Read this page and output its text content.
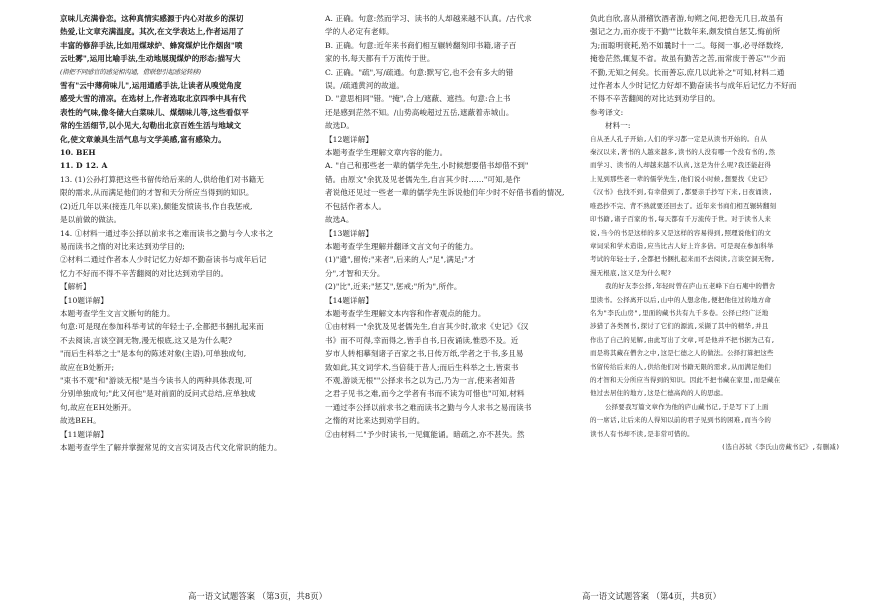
京味儿充满眷恋。这种真情实感源于内心对故乡的深切

热爱,让文章充满温度。其次,在文学表达上,作者运用了

丰富的修辞手法,比如用煤球炉、蜂窝煤炉比作烟囱"喷

云吐雾",运用比喻手法,生动地展现煤炉的形态;描写大

(指把不同感官的感觉相沟通，借联想引起感觉转移)

雪有"云中薄荷味儿",运用通感手法,让读者从嗅觉角度

感受大雪的清凉。在选材上,作者选取北京四季中具有代

表性的气味,像冬储大白菜味儿、煤烟味儿等,这些看似平

常的生活细节,以小见大,勾勒出北京百姓生活与地域文

化,使文章兼具生活气息与文学美感,富有感染力。

10. BEH

11. D 12. A

13. (1)公孙打算把这些书留传给后来的人,供给他们对书籍无

限的需求,从而满足他们的才智和天分所应当得到的知识。

(2)近几年以来(接连几年以来),颇能发愤读书,作自我惩戒,

是以前做的做法。

14. ①材料一通过李公择以前求书之难而读书之勤与今人求书之

易而读书之惰的对比来达到劝学目的;

②材料二通过作者本人少时记忆力好却不勤奋读书与成年后记

忆力不好而不得不辛苦翻阅的对比达到劝学目的。

【解析】

【10题详解】

本题考查学生文言文断句的能力。

句意:可是现在参加科举考试的年轻士子,全都把书捆扎起来而

不去阅读,言谈空洞无物,漫无根底,这又是为什么呢?

"而后生科举之士"是本句的陈述对象(主语),可单独成句,

故应在B处断开;

"束书不观"和"游谈无根"是当今读书人的两种具体表现,可

分别单独成句;"此又何也"是对前面的反问式总结,应单独成

句,故应在EH处断开。

故选BEH。

【11题详解】

本题考查学生了解并掌握常见的文言实词及古代文化常识的能力。

A. 正确。句意:然而学习、读书的人却越来越不认真。/古代求

学的人必定有老师。

B. 正确。句意:近年来书商们相互辗转翻刻印书籍,诸子百

家的书,每天都有千万流传于世。

C. 正确。"疏",写/疏通。句意:默写它,也不会有多大的错

误。/疏通黄河的故道。

D. "意思相同"错。"掩",合上/遮蔽、遮挡。句意:合上书

还是感到茫然不知。/山势高峻超过五岳,遮蔽着赤城山。

故选D。

【12题详解】

本题考查学生理解文章内容的能力。

A. "自己和那些老一辈的儒学先生,小时候想要借书却借不到"

错。由原文"余犹及见老儒先生,自言其少时……"可知,是作

者说他还见过一些老一辈的儒学先生诉说他们年少时不好借书看的情况,

不包括作者本人。

故选A。

【13题详解】

本题考查学生理解并翻译文言文句子的能力。

(1)"遗",留传;"来者",后来的人;"足",满足;"才

分",才智和天分。

(2)"比",近来;"惩艾",惩戒;"所为",所作。

【14题详解】

本题考查学生理解文本内容和作者观点的能力。

①由材料一"余犹及见老儒先生,自言其少时,欲求《史记》《汉

书》而不可得,幸而得之,皆手自书,日夜诵读,惟恐不及。近

岁市人转相摹刻诸子百家之书,日传万纸,学者之于书,多且易

致如此,其文词学术,当倍蓰于昔人;而后生科举之士,皆束书

不观,游谈无根""公择求书之以为己,乃为一言,使来者知昔

之君子见书之难,而今之学者有书而不读为可惜也"可知,材料

一通过李公择以前求书之难而读书之勤与今人求书之易而读书

之惰的对比来达到劝学目的。

②由材料二"予少时读书,一见辄能诵。暗疏之,亦不甚失。然

负此自欣,喜从滑稽饮酒者游,旬朔之间,把卷无几日,故虽有

强记之力,而亦废于不勤""比数年来,颇发愤自惩艾,悔前所

为;而聪明衰耗,殆不如曩时十一二。每阅一事,必寻绎数终,

掩卷茫然,辄复不省。故虽有勤苦之苦,而常废于善忘""少而

不勤,无知之何矣。长而善忘,庶几以此补之"可知,材料二通

过作者本人少时记忆力好却不勤奋读书与成年后记忆力不好而

不得不辛苦翻阅的对比达到劝学目的。

参考译文:

材料一:

自从圣人孔子开始,人们的学习都一定是从读书开始的。自从

秦汉以来,著书的人越来越多,读书的人没有哪一个没有书的,然

而学习、读书的人却越来越不认真,这是为什么呢?我还能赶得

上见到那些老一辈的儒学先生,他们说小时候,想要找《史记》

《汉书》也找不到,有幸借到了,都要亲手抄写下来,日夜诵读,

唯恐抄不完、背不熟就要还回去了。近年来书商们相互辗转翻刻

印书籍,诸子百家的书,每天都有千万流传于世。对于读书人来

说,当今的书是这样的多又是这样的容易得到,照理说他们的文

章词采和学术造诣,应当比古人好上许多倍。可是现在参加科举

考试的年轻士子,全都把书捆扎起来而不去阅读,言谈空洞无物,

漫无根底,这又是为什么呢?

我的好友李公择,年轻时曾在庐山五老峰下白石庵中的僧舍

里读书。公择离开以后,山中的人想念他,便把他住过的地方命

名为"李氏山房",里面的藏书共有九千多卷。公择已经广泛地

涉猎了各类图书,探讨了它们的源流,采撷了其中的精华,并且

作出了自己的见解,由此写出了文章,可是他并不把书据为己有,

而是将其藏在僧舍之中,这是仁德之人的做法。公择打算把这些

书留传给后来的人,供给他们对书籍无限的需求,从而满足他们

的才智和天分所应当得到的知识。因此不把书藏在家里,而是藏在

他过去居住的地方,这是仁德高尚的人的思虑。

公择要我写篇文章作为他的庐山藏书记,于是写下了上面

的一席话,让后来的人得知以前的君子见到书的困难,而当今的

读书人有书却不读,是非常可惜的。

(选自苏轼《李氏山房藏书记》,有删减)

高一语文试题答案 （第3页，共8页）	高一语文试题答案 （第4页，共8页）
